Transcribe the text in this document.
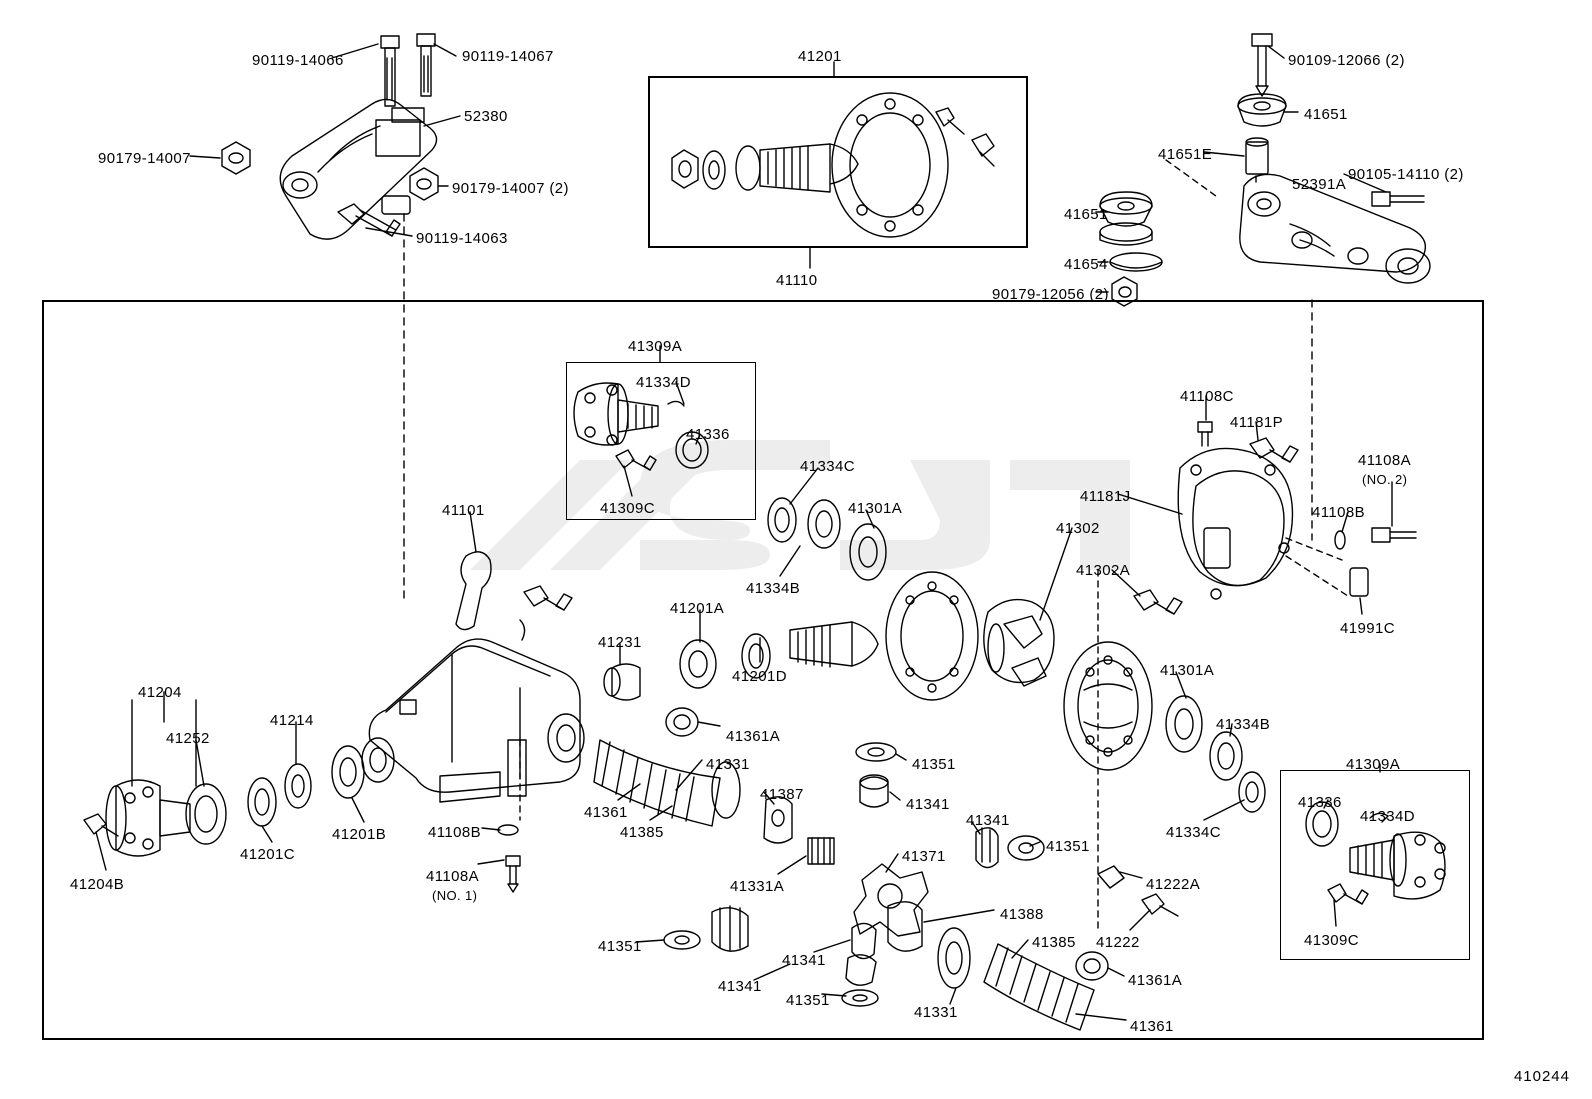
90119-14066	90119-14067
52380
90179-14007
90179-14007 (2)
90119-14063
41201
41110
90109-12066 (2)
41651
41651E
90105-14110 (2)
52391A
41651
41654
90179-12056 (2)
41309A
41334D
41336
41309C
41334C
41301A
41334B
41101
41201A
41231
41201D
41361A
41331
41361
41385
41387
41331A
41204
41252
41214
41201C
41201B
41204B
41108B
41108A
(NO. 1)
41351
41341
41341
41351
41371
41388
41341
41351
41341
41351
41331
41385
41361A
41361
41302
41302A
41301A
41334B
41334C
41222A
41222
41108C
41181P
41181J
41108A
(NO. 2)
41108B
41991C
41309A
41336
41334D
41309C
410244
